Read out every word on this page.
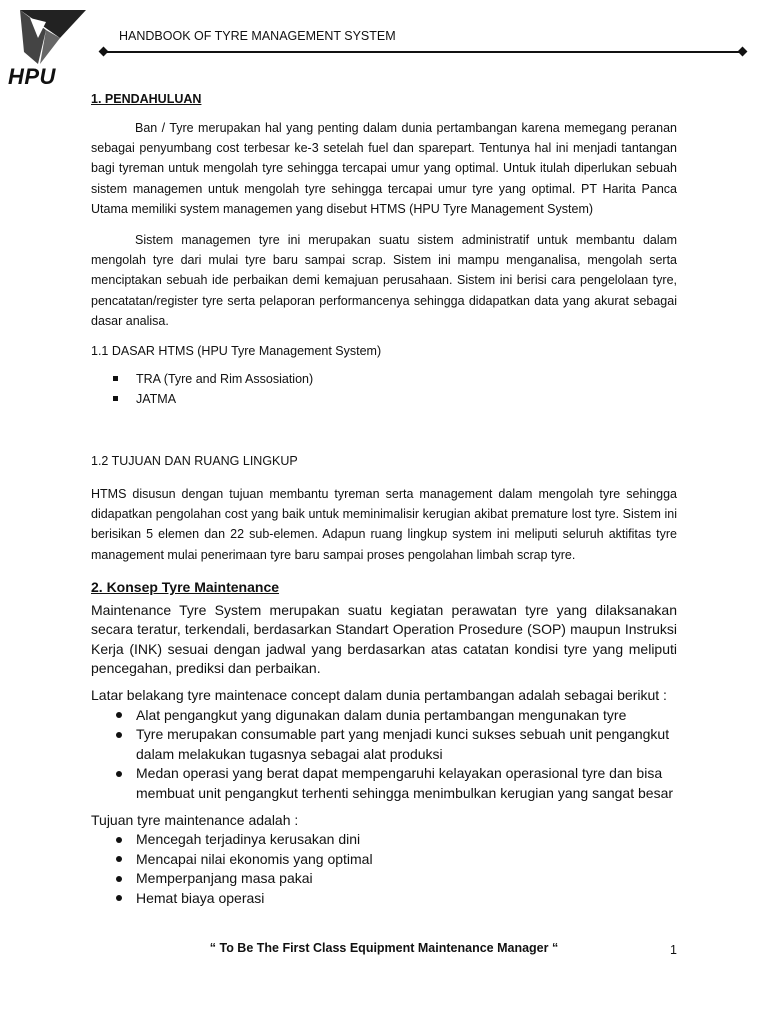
HPU
HANDBOOK OF TYRE MANAGEMENT SYSTEM

1. PENDAHULUAN

Ban / Tyre merupakan hal yang penting dalam dunia pertambangan karena memegang peranan sebagai penyumbang cost terbesar ke-3 setelah fuel dan sparepart. Tentunya hal ini menjadi tantangan bagi tyreman untuk mengolah tyre sehingga tercapai umur yang optimal. Untuk itulah diperlukan sebuah sistem managemen untuk mengolah tyre sehingga tercapai umur tyre yang optimal. PT Harita Panca Utama memiliki system managemen yang disebut HTMS (HPU Tyre Management System)

Sistem managemen tyre ini merupakan suatu sistem administratif untuk membantu dalam mengolah tyre dari mulai tyre baru sampai scrap. Sistem ini mampu menganalisa, mengolah serta menciptakan sebuah ide perbaikan demi kemajuan perusahaan. Sistem ini berisi cara pengelolaan tyre, pencatatan/register tyre serta pelaporan performancenya sehingga didapatkan data yang akurat sebagai dasar analisa.

1.1 DASAR HTMS (HPU Tyre Management System)

TRA (Tyre and Rim Assosiation)
JATMA

1.2 TUJUAN DAN RUANG LINGKUP

HTMS disusun dengan tujuan membantu tyreman serta management dalam mengolah tyre sehingga didapatkan pengolahan cost yang baik untuk meminimalisir kerugian akibat premature lost tyre. Sistem ini berisikan 5 elemen dan 22 sub-elemen. Adapun ruang lingkup system ini meliputi seluruh aktifitas tyre management mulai penerimaan tyre baru sampai proses pengolahan limbah scrap tyre.

2. Konsep Tyre Maintenance

Maintenance Tyre System merupakan suatu kegiatan perawatan tyre yang dilaksanakan secara teratur, terkendali, berdasarkan Standart Operation Prosedure (SOP) maupun Instruksi Kerja (INK) sesuai dengan jadwal yang berdasarkan atas catatan kondisi tyre yang meliputi pencegahan, prediksi dan perbaikan.

Latar belakang tyre maintenace concept dalam dunia pertambangan adalah sebagai berikut :

Alat pengangkut yang digunakan dalam dunia pertambangan mengunakan tyre
Tyre merupakan consumable part yang menjadi kunci sukses sebuah unit pengangkut dalam melakukan tugasnya sebagai alat produksi
Medan operasi yang berat dapat mempengaruhi kelayakan operasional tyre dan bisa membuat unit pengangkut terhenti sehingga menimbulkan kerugian yang sangat besar

Tujuan tyre maintenance adalah :

Mencegah terjadinya kerusakan dini
Mencapai nilai ekonomis yang optimal
Memperpanjang masa pakai
Hemat biaya operasi
“ To Be The First Class Equipment Maintenance Manager “	1
